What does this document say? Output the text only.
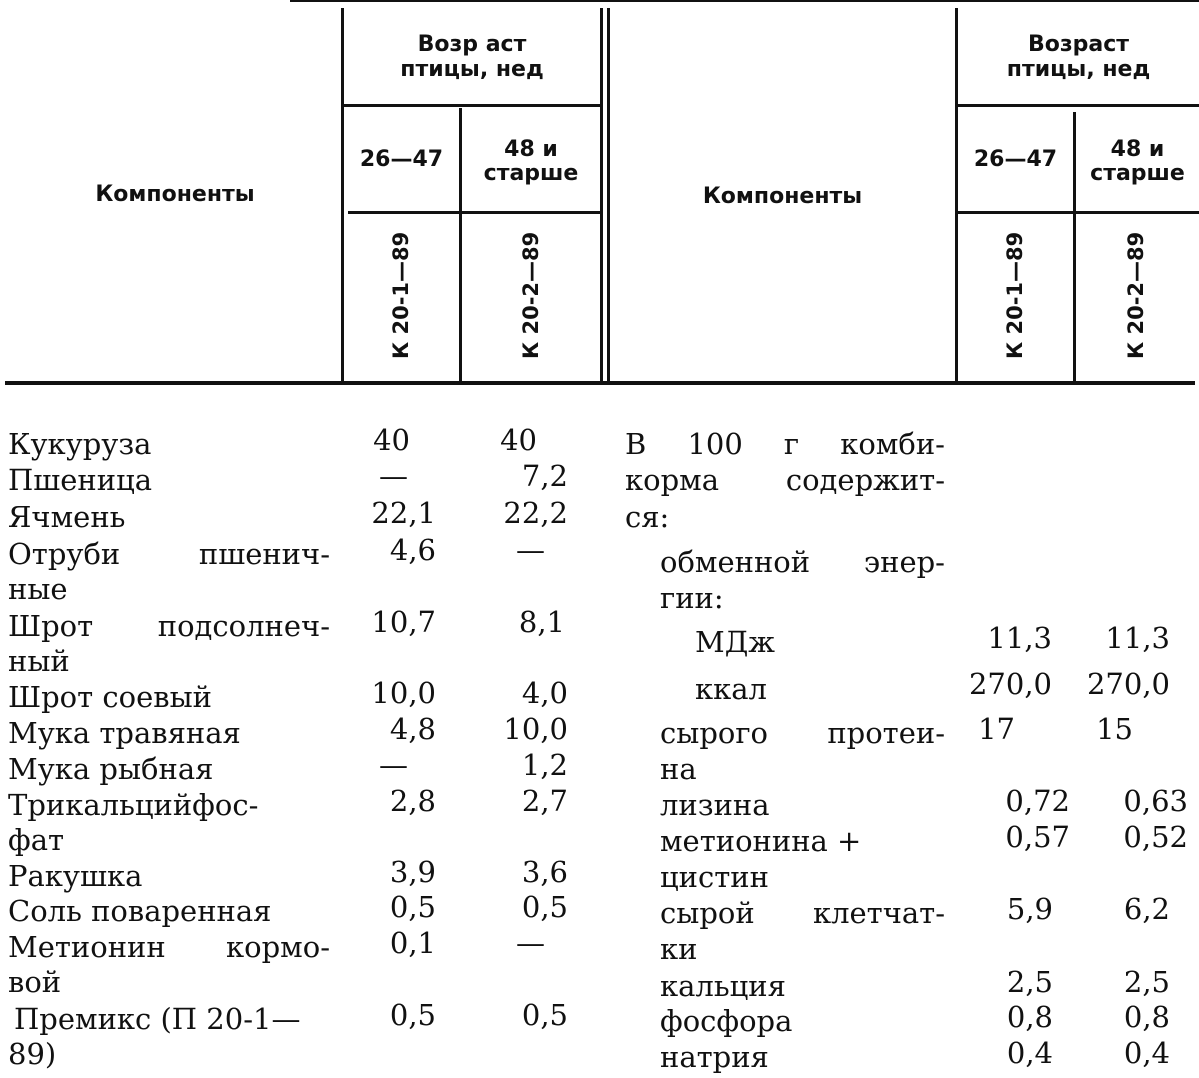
Компоненты
Возр аст птицы, нед
26—47	48 и старше
К 20-1—89	К 20-2—89
Компоненты
Возраст птицы, нед
26—47	48 и старше
К 20-1—89	К 20-2—89
Кукуруза	40	40
Пшеница	—	7,2
Ячмень	22,1	22,2
Отруби	пшенич-
ные
4,6	—
Шрот подсолнеч-
ный
10,7	8,1
Шрот соевый	10,0	4,0
Мука травяная	4,8	10,0
Мука рыбная	—	1,2
Трикальцийфос-
фат
2,8	2,7
Ракушка	3,9	3,6
Соль поваренная	0,5	0,5
Метионин кормо-
вой
0,1	—
Премикс (П 20-1—
89)
0,5	0,5
В 100 г комби-
корма содержит-
ся:
обменной энер-
гии:
МДж	11,3	11,3
ккал	270,0	270,0
сырого протеи-
на
17	15
лизина	0,72	0,63
метионина +
цистин
0,57	0,52
сырой клетчат-
ки
5,9	6,2
кальция	2,5	2,5
фосфора	0,8	0,8
натрия	0,4	0,4
